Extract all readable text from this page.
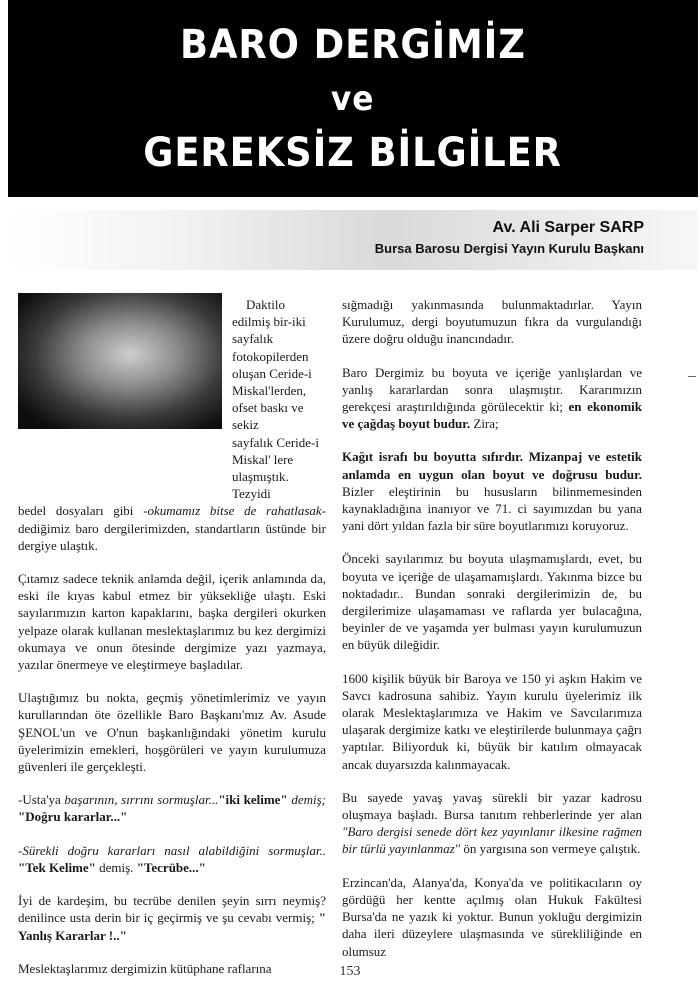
BARO DERGİMİZ
ve
GEREKSİZ BİLGİLER
Av. Ali Sarper SARP
Bursa Barosu Dergisi Yayın Kurulu Başkanı

Daktilo
edilmiş bir-iki
sayfalık
fotokopilerden
oluşan Ceride-i
Miskal'lerden,
ofset baskı ve sekiz
sayfalık Ceride-i
Miskal' lere
ulaşmıştık. Tezyidi
bedel dosyaları gibi -okumamız bitse de rahatlasak- dediğimiz baro dergilerimizden, standartların üstünde bir dergiye ulaştık.

Çıtamız sadece teknik anlamda değil, içerik anlamında da, eski ile kıyas kabul etmez bir yüksekliğe ulaştı. Eski sayılarımızın karton kapaklarını, başka dergileri okurken yelpaze olarak kullanan meslektaşlarımız bu kez dergimizi okumaya ve onun ötesinde dergimize yazı yazmaya, yazılar önermeye ve eleştirmeye başladılar.

Ulaştığımız bu nokta, geçmiş yönetimlerimiz ve yayın kurullarından öte özellikle Baro Başkanı'mız Av. Asude ŞENOL'un ve O'nun başkanlığındaki yönetim kurulu üyelerimizin emekleri, hoşgörüleri ve yayın kurulumuza güvenleri ile gerçekleşti.

-Usta'ya başarının, sırrını sormuşlar..."iki kelime" demiş; "Doğru kararlar..."

-Sürekli doğru kararları nasıl alabildiğini sormuşlar.. "Tek Kelime" demiş. "Tecrübe..."

İyi de kardeşim, bu tecrübe denilen şeyin sırrı neymiş? denilince usta derin bir iç geçirmiş ve şu cevabı vermiş; " Yanlış Kararlar !.."

Meslektaşlarımız dergimizin kütüphane raflarına

sığmadığı yakınmasında bulunmaktadırlar. Yayın Kurulumuz, dergi boyutumuzun fıkra da vurgulandığı üzere doğru olduğu inancındadır.

Baro Dergimiz bu boyuta ve içeriğe yanlışlardan ve yanlış kararlardan sonra ulaşmıştır. Kararımızın gerekçesi araştırıldığında görülecektir ki; en ekonomik ve çağdaş boyut budur. Zira;

Kağıt israfı bu boyutta sıfırdır. Mizanpaj ve estetik anlamda en uygun olan boyut ve doğrusu budur. Bizler eleştirinin bu hususların bilinmemesinden kaynakladığına inanıyor ve 71. ci sayımızdan bu yana yani dört yıldan fazla bir süre boyutlarımızı koruyoruz.

Önceki sayılarımız bu boyuta ulaşmamışlardı, evet, bu boyuta ve içeriğe de ulaşamamışlardı. Yakınma bizce bu noktadadır.. Bundan sonraki dergilerimizin de, bu dergilerimize ulaşamaması ve raflarda yer bulacağına, beyinler de ve yaşamda yer bulması yayın kurulumuzun en büyük dileğidir.

1600 kişilik büyük bir Baroya ve 150 yi aşkın Hakim ve Savcı kadrosuna sahibiz. Yayın kurulu üyelerimiz ilk olarak Meslektaşlarımıza ve Hakim ve Savcılarımıza ulaşarak dergimize katkı ve eleştirilerde bulunmaya çağrı yaptılar. Biliyorduk ki, büyük bir katılım olmayacak ancak duyarsızda kalınmayacak.

Bu sayede yavaş yavaş sürekli bir yazar kadrosu oluşmaya başladı. Bursa tanıtım rehberlerinde yer alan "Baro dergisi senede dört kez yayınlanır ilkesine rağmen bir türlü yayınlanmaz" ön yargısına son vermeye çalıştık.

Erzincan'da, Alanya'da, Konya'da ve politikacıların oy gördüğü her kentte açılmış olan Hukuk Fakültesi Bursa'da ne yazık ki yoktur. Bunun yokluğu dergimizin daha ileri düzeylere ulaşmasında ve sürekliliğinde en olumsuz

153
